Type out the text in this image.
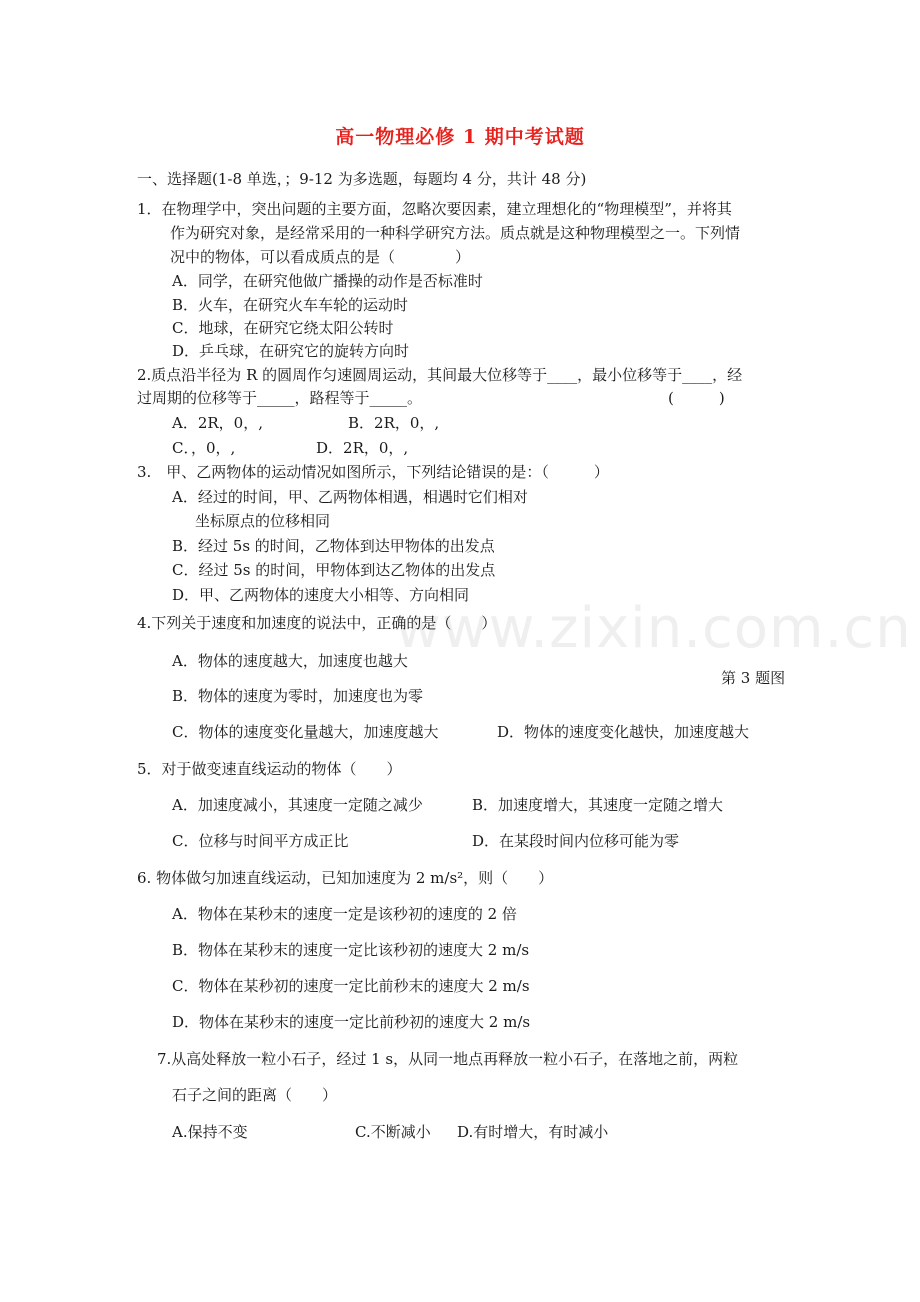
高一物理必修 1 期中考试题
一、选择题(1-8 单选，；9-12 为多选题，每题均 4 分，共计 48 分)
1．在物理学中，突出问题的主要方面，忽略次要因素，建立理想化的“物理模型”，并将其
作为研究对象，是经常采用的一种科学研究方法。质点就是这种物理模型之一。下列情
况中的物体，可以看成质点的是（　　　　）
A．同学，在研究他做广播操的动作是否标准时
B．火车，在研究火车车轮的运动时
C．地球，在研究它绕太阳公转时
D．乒乓球，在研究它的旋转方向时
2.质点沿半径为 R 的圆周作匀速圆周运动，其间最大位移等于____，最小位移等于____，经
过周期的位移等于_____，路程等于_____。	(　　　)
A．2R，0，,	B．2R，0，,
C．，0，,	D．2R，0，,
3.　甲、乙两物体的运动情况如图所示，下列结论错误的是：（　　　）
A．经过的时间，甲、乙两物体相遇，相遇时它们相对
坐标原点的位移相同
B．经过 5s 的时间，乙物体到达甲物体的出发点
C．经过 5s 的时间，甲物体到达乙物体的出发点
D．甲、乙两物体的速度大小相等、方向相同
www.zixin.com.cn
4.下列关于速度和加速度的说法中，正确的是（　　）
A．物体的速度越大，加速度也越大
第 3 题图
B．物体的速度为零时，加速度也为零
C．物体的速度变化量越大，加速度越大	D．物体的速度变化越快，加速度越大
5．对于做变速直线运动的物体（　　）
A．加速度减小，其速度一定随之减少	B．加速度增大，其速度一定随之增大
C．位移与时间平方成正比	D．在某段时间内位移可能为零
6. 物体做匀加速直线运动，已知加速度为 2 m/s²，则（　　）
A．物体在某秒末的速度一定是该秒初的速度的 2 倍
B．物体在某秒末的速度一定比该秒初的速度大 2 m/s
C．物体在某秒初的速度一定比前秒末的速度大 2 m/s
D．物体在某秒末的速度一定比前秒初的速度大 2 m/s
7.从高处释放一粒小石子，经过 1 s，从同一地点再释放一粒小石子，在落地之前，两粒
石子之间的距离（　　）
A.保持不变	C.不断减小 D.有时增大，有时减小
